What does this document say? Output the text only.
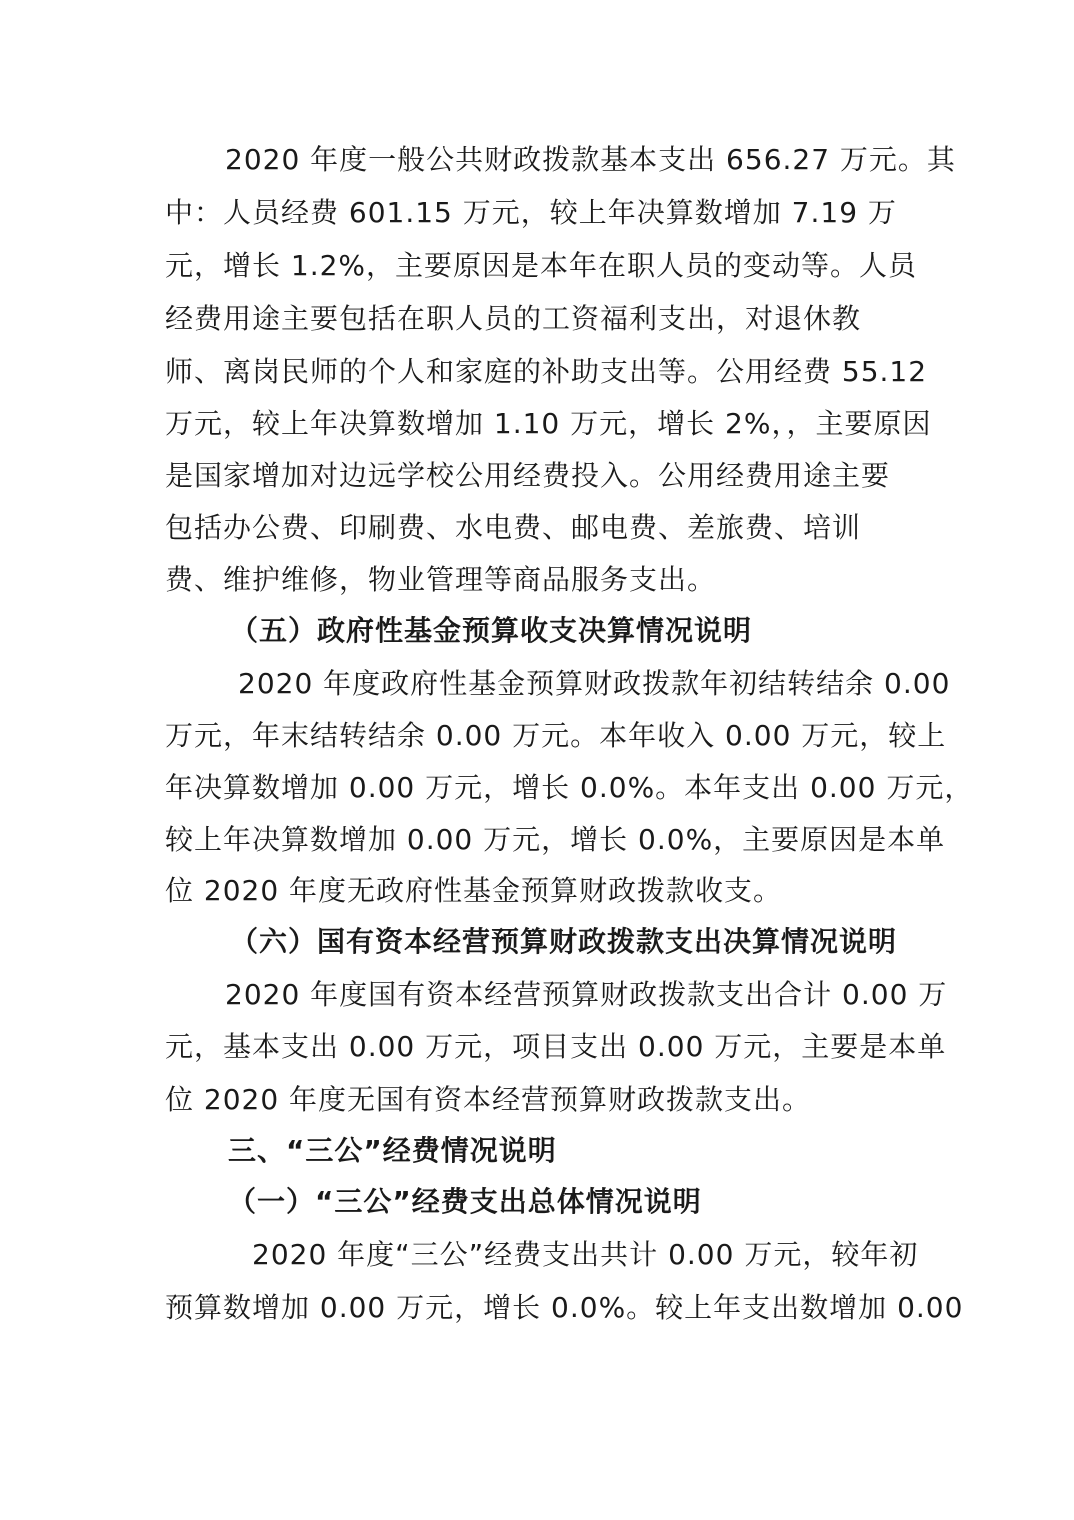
2020 年度一般公共财政拨款基本支出 656.27 万元。其
中：人员经费 601.15 万元，较上年决算数增加 7.19 万
元，增长 1.2%，主要原因是本年在职人员的变动等。人员
经费用途主要包括在职人员的工资福利支出，对退休教
师、离岗民师的个人和家庭的补助支出等。公用经费 55.12
万元，较上年决算数增加 1.10 万元，增长 2%，，主要原因
是国家增加对边远学校公用经费投入。公用经费用途主要
包括办公费、印刷费、水电费、邮电费、差旅费、培训
费、维护维修，物业管理等商品服务支出。
（五）政府性基金预算收支决算情况说明
2020 年度政府性基金预算财政拨款年初结转结余 0.00
万元，年末结转结余 0.00 万元。本年收入 0.00 万元，较上
年决算数增加 0.00 万元，增长 0.0%。本年支出 0.00 万元，
较上年决算数增加 0.00 万元，增长 0.0%，主要原因是本单
位 2020 年度无政府性基金预算财政拨款收支。
（六）国有资本经营预算财政拨款支出决算情况说明
2020 年度国有资本经营预算财政拨款支出合计 0.00 万
元，基本支出 0.00 万元，项目支出 0.00 万元，主要是本单
位 2020 年度无国有资本经营预算财政拨款支出。
三、“三公”经费情况说明
（一）“三公”经费支出总体情况说明
2020 年度“三公”经费支出共计 0.00 万元，较年初
预算数增加 0.00 万元，增长 0.0%。较上年支出数增加 0.00
